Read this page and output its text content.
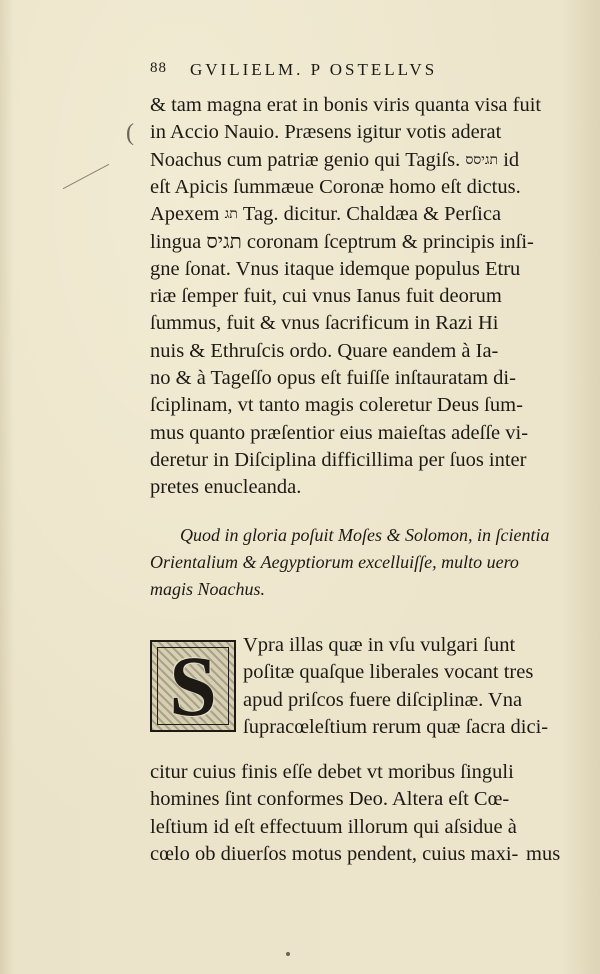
(
88 GVILIELM. P OSTELLVS
& tam magna erat in bonis viris quanta visa fuit
in Accio Nauio. Præsens igitur votis aderat
Noachus cum patriæ genio qui Tagiſs. תגיסס id
eſt Apicis ſummæue Coronæ homo eſt dictus.
Apexem תג Tag. dicitur. Chaldæa & Perſica
lingua תגיס coronam ſceptrum & principis inſi-
gne ſonat. Vnus itaque idemque populus Etru
riæ ſemper fuit, cui vnus Ianus fuit deorum
ſummus, fuit & vnus ſacrificum in Razi Hi
nuis & Ethruſcis ordo. Quare eandem à Ia-
no & à Tageſſo opus eſt fuiſſe inſtauratam di-
ſciplinam, vt tanto magis coleretur Deus ſum-
mus quanto præſentior eius maieſtas adeſſe vi-
deretur in Diſciplina difficillima per ſuos inter
pretes enucleanda.
Quod in gloria poſuit Moſes & Solomon, in ſcientia
Orientalium & Aegyptiorum excelluiſſe, multo uero
magis Noachus.
S Vpra illas quæ in vſu vulgari ſunt
poſitæ quaſque liberales vocant tres
apud priſcos fuere diſciplinæ. Vna
ſupracœleſtium rerum quæ ſacra dici-
citur cuius finis eſſe debet vt moribus ſinguli
homines ſint conformes Deo. Altera eſt Cœ-
leſtium id eſt effectuum illorum qui aſsidue à
cœlo ob diuerſos motus pendent, cuius maxi- mus
